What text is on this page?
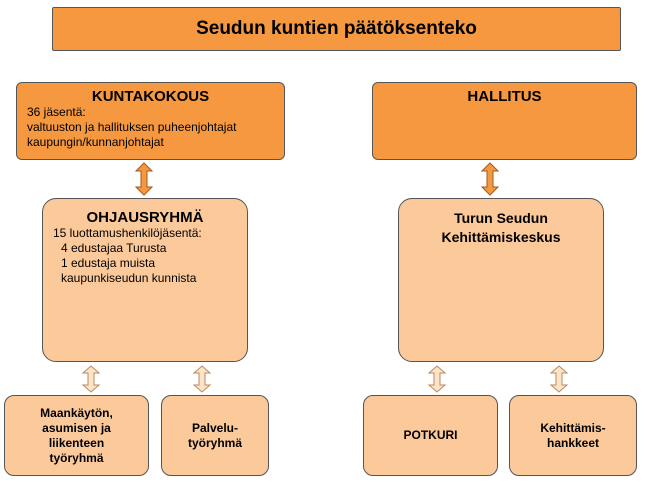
Seudun kuntien päätöksenteko
KUNTAKOKOUS
36 jäsentä:
valtuuston ja hallituksen puheenjohtajat
kaupungin/kunnanjohtajat
HALLITUS
OHJAUSRYHMÄ
15 luottamushenkilöjäsentä:
4 edustajaa Turusta
1 edustaja muista
kaupunkiseudun kunnista
Turun Seudun
Kehittämiskeskus
Maankäytön,
asumisen ja
liikenteen
työryhmä
Palvelu-
työryhmä
POTKURI
Kehittämis-
hankkeet
